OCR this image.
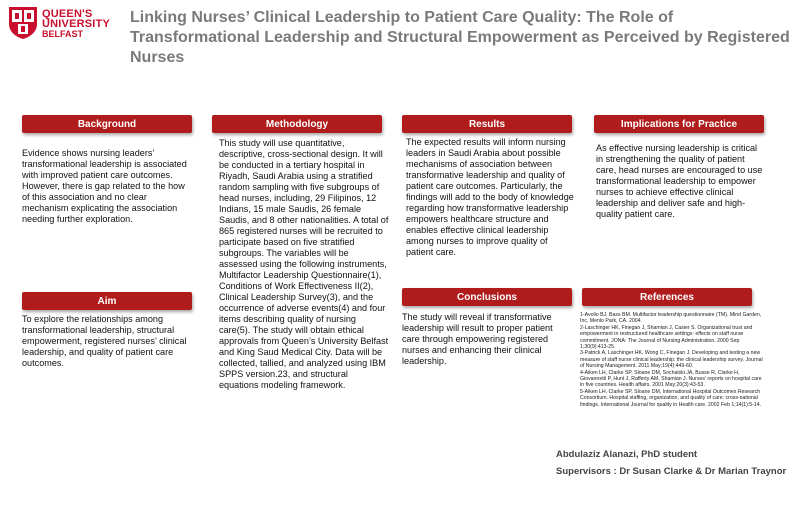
QUEEN'S
UNIVERSITY
BELFAST
Linking Nurses’ Clinical Leadership to Patient Care Quality: The Role of Transformational Leadership and Structural Empowerment as Perceived by Registered Nurses
Background
Evidence shows nursing leaders’ transformational leadership is associated with improved patient care outcomes. However, there is gap related to the how of this association and no clear mechanism explicating the association needing further exploration.
Aim
To explore the relationships among transformational leadership, structural empowerment, registered nurses’ clinical leadership, and quality of patient care outcomes.
Methodology
This study will use quantitative, descriptive, cross-sectional design. It will be conducted in a tertiary hospital in Riyadh, Saudi Arabia using a stratified random sampling with five subgroups of head nurses, including, 29 Filipinos, 12 Indians, 15 male Saudis, 26 female Saudis, and 8 other nationalities. A total of 865 registered nurses will be recruited to participate based on five stratified subgroups. The variables will be assessed using the following instruments, Multifactor Leadership Questionnaire(1), Conditions of Work Effectiveness II(2), Clinical Leadership Survey(3), and the occurrence of adverse events(4) and four items describing quality of nursing care(5). The study will obtain ethical approvals from Queen’s University Belfast and King Saud Medical City. Data will be collected, tallied, and analyzed using IBM SPPS version.23, and structural equations modeling framework.
Results
The expected results will inform nursing leaders in Saudi Arabia about possible mechanisms of association between transformative leadership and quality of patient care outcomes. Particularly, the findings will add to the body of knowledge regarding how transformative leadership empowers healthcare structure and enables effective clinical leadership among nurses to improve quality of patient care.
Conclusions
The study will reveal if transformative leadership will result to proper patient care through empowering registered nurses and enhancing their clinical leadership.
Implications for Practice
As effective nursing leadership is critical in strengthening the quality of patient care, head nurses are encouraged to use transformational leadership to empower nurses to achieve effective clinical leadership and deliver safe and high-quality patient care.
References
1-Avolio BJ, Bass BM. Multifactor leadership questionnaire (TM). Mind Garden, Inc. Menlo Park, CA. 2004.
2-Laschinger HK, Finegan J, Shamian J, Casier S. Organizational trust and empowerment in restructured healthcare settings: effects on staff nurse commitment. JONA: The Journal of Nursing Administration. 2000 Sep 1;30(9):413-25.
3-Patrick A, Laschinger HK, Wong C, Finegan J. Developing and testing a new measure of staff nurse clinical leadership: the clinical leadership survey. Journal of Nursing Management. 2011 May;19(4):449-60.
4-Aiken LH, Clarke SP, Sloane DM, Sochalski JA, Busse R, Clarke H, Giovannetti P, Hunt J, Rafferty AM, Shamian J. Nurses' reports on hospital care in five countries. Health affairs. 2001 May;20(3):43-53.
5-Aiken LH, Clarke SP, Sloane DM, International Hospital Outcomes Research Consortium. Hospital staffing, organization, and quality of care: cross-national findings. International Journal for quality in Health care. 2002 Feb 1;14(1):5-14.
Abdulaziz Alanazi, PhD student
Supervisors : Dr Susan Clarke & Dr Marian Traynor
